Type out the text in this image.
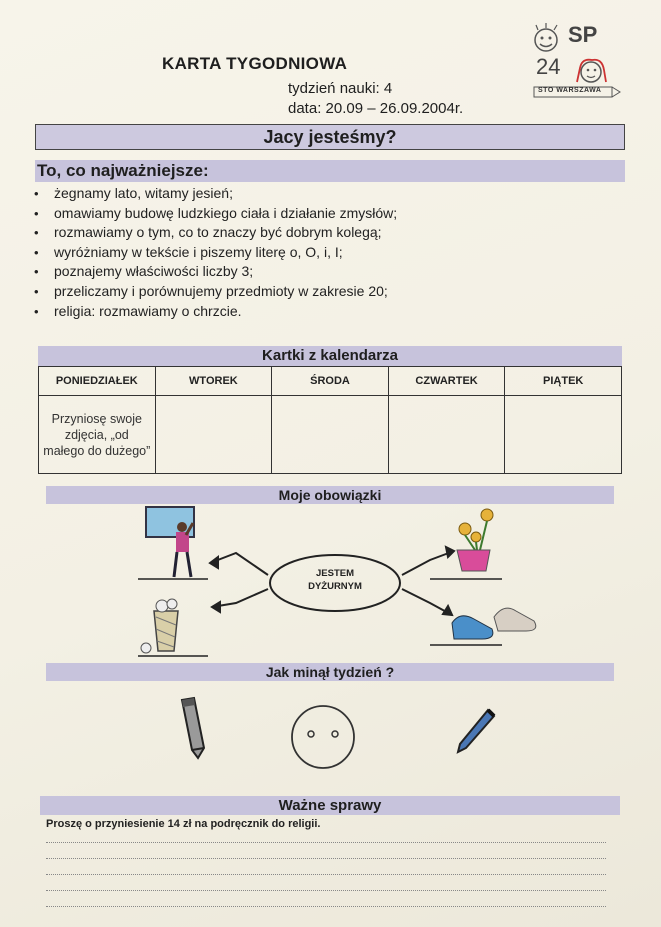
KARTA TYGODNIOWA
tydzień nauki: 4
data: 20.09 – 26.09.2004r.
SP
24
STO WARSZAWA
Jacy jesteśmy?
To, co najważniejsze:
• żegnamy lato, witamy jesień;
• omawiamy budowę ludzkiego ciała i działanie zmysłów;
• rozmawiamy o tym, co to znaczy być dobrym kolegą;
• wyróżniamy w tekście i piszemy literę o, O, i, I;
• poznajemy właściwości liczby 3;
• przeliczamy i porównujemy przedmioty w zakresie 20;
• religia: rozmawiamy o chrzcie.
Kartki z kalendarza
PONIEDZIAŁEK	WTOREK	ŚRODA	CZWARTEK	PIĄTEK
Przyniosę swoje zdjęcia, „od małego do dużego”				
Moje obowiązki
JESTEM
DYŻURNYM
Jak minął tydzień ?
Ważne sprawy
Proszę o przyniesienie 14 zł na podręcznik do religii.
